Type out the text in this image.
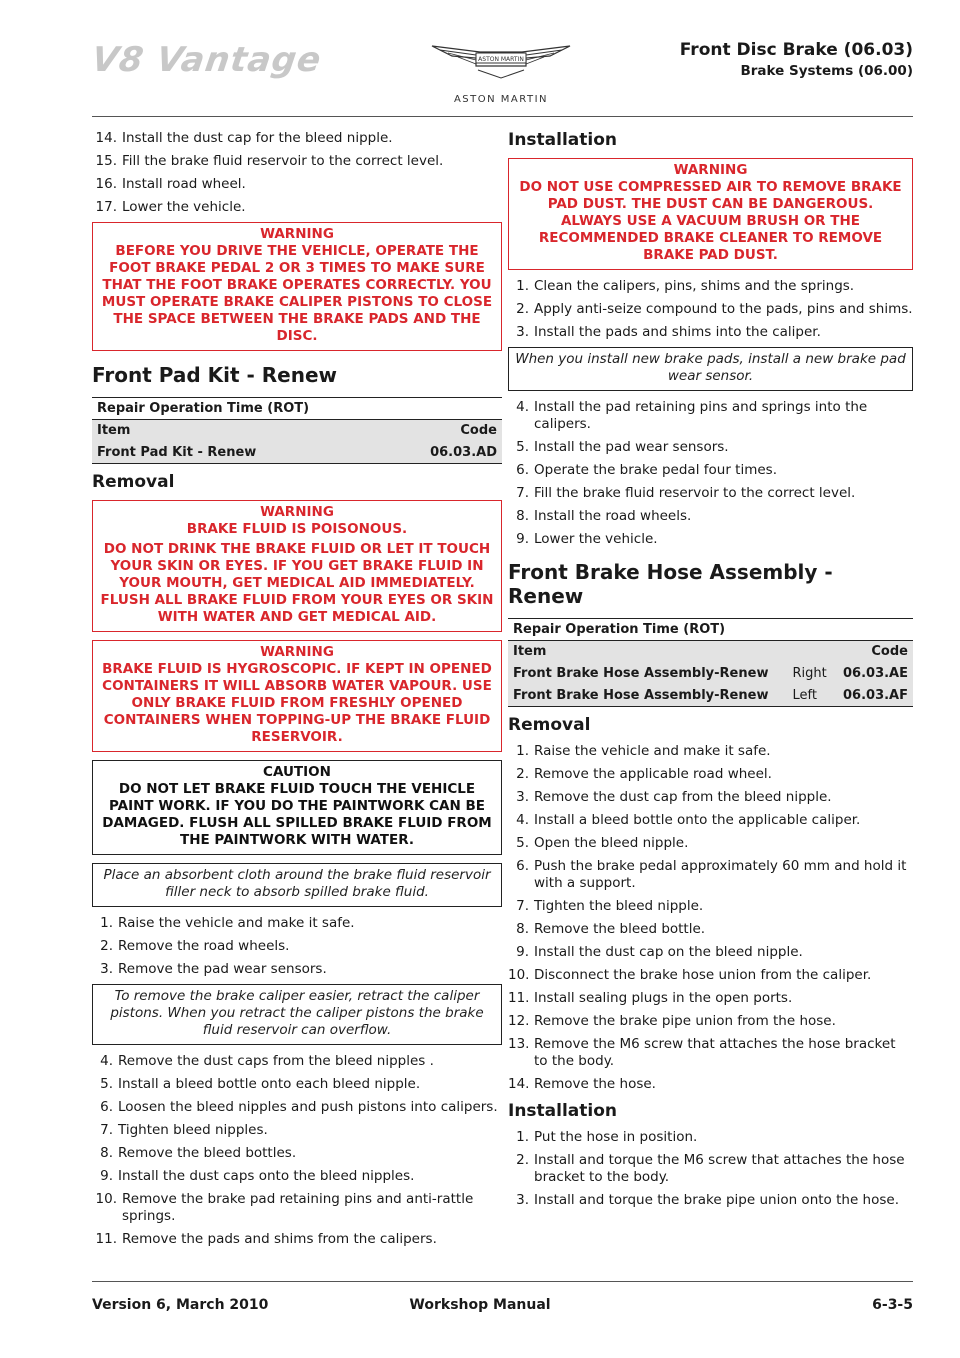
V8 Vantage	ASTON MARTIN
ASTON MARTIN
Front Disc Brake (06.03)
Brake Systems (06.00)
14. Install the dust cap for the bleed nipple.
15. Fill the brake fluid reservoir to the correct level.
16. Install road wheel.
17. Lower the vehicle.
WARNING

BEFORE YOU DRIVE THE VEHICLE, OPERATE THE FOOT BRAKE PEDAL 2 OR 3 TIMES TO MAKE SURE THAT THE FOOT BRAKE OPERATES CORRECTLY. YOU MUST OPERATE BRAKE CALIPER PISTONS TO CLOSE THE SPACE BETWEEN THE BRAKE PADS AND THE DISC.

Front Pad Kit - Renew
Repair Operation Time (ROT)	
Item	Code
Front Pad Kit - Renew	06.03.AD
Removal
WARNING

BRAKE FLUID IS POISONOUS.

DO NOT DRINK THE BRAKE FLUID OR LET IT TOUCH YOUR SKIN OR EYES. IF YOU GET BRAKE FLUID IN YOUR MOUTH, GET MEDICAL AID IMMEDIATELY. FLUSH ALL BRAKE FLUID FROM YOUR EYES OR SKIN WITH WATER AND GET MEDICAL AID.

WARNING

BRAKE FLUID IS HYGROSCOPIC. IF KEPT IN OPENED CONTAINERS IT WILL ABSORB WATER VAPOUR. USE ONLY BRAKE FLUID FROM FRESHLY OPENED CONTAINERS WHEN TOPPING-UP THE BRAKE FLUID RESERVOIR.

CAUTION

DO NOT LET BRAKE FLUID TOUCH THE VEHICLE PAINT WORK. IF YOU DO THE PAINTWORK CAN BE DAMAGED. FLUSH ALL SPILLED BRAKE FLUID FROM THE PAINTWORK WITH WATER.

Place an absorbent cloth around the brake fluid reservoir filler neck to absorb spilled brake fluid.
1. Raise the vehicle and make it safe.
2. Remove the road wheels.
3. Remove the pad wear sensors.
To remove the brake caliper easier, retract the caliper pistons. When you retract the caliper pistons the brake fluid reservoir can overflow.
4. Remove the dust caps from the bleed nipples .
5. Install a bleed bottle onto each bleed nipple.
6. Loosen the bleed nipples and push pistons into calipers.
7. Tighten bleed nipples.
8. Remove the bleed bottles.
9. Install the dust caps onto the bleed nipples.
10. Remove the brake pad retaining pins and anti-rattle springs.
11. Remove the pads and shims from the calipers.
Installation
WARNING

DO NOT USE COMPRESSED AIR TO REMOVE BRAKE PAD DUST. THE DUST CAN BE DANGEROUS. ALWAYS USE A VACUUM BRUSH OR THE RECOMMENDED BRAKE CLEANER TO REMOVE BRAKE PAD DUST.

1. Clean the calipers, pins, shims and the springs.
2. Apply anti-seize compound to the pads, pins and shims.
3. Install the pads and shims into the caliper.
When you install new brake pads, install a new brake pad wear sensor.
4. Install the pad retaining pins and springs into the calipers.
5. Install the pad wear sensors.
6. Operate the brake pedal four times.
7. Fill the brake fluid reservoir to the correct level.
8. Install the road wheels.
9. Lower the vehicle.
Front Brake Hose Assembly - Renew
Repair Operation Time (ROT)		
Item		Code
Front Brake Hose Assembly-Renew	Right	06.03.AE
Front Brake Hose Assembly-Renew	Left	06.03.AF
Removal
1. Raise the vehicle and make it safe.
2. Remove the applicable road wheel.
3. Remove the dust cap from the bleed nipple.
4. Install a bleed bottle onto the applicable caliper.
5. Open the bleed nipple.
6. Push the brake pedal approximately 60 mm and hold it with a support.
7. Tighten the bleed nipple.
8. Remove the bleed bottle.
9. Install the dust cap on the bleed nipple.
10. Disconnect the brake hose union from the caliper.
11. Install sealing plugs in the open ports.
12. Remove the brake pipe union from the hose.
13. Remove the M6 screw that attaches the hose bracket to the body.
14. Remove the hose.
Installation
1. Put the hose in position.
2. Install and torque the M6 screw that attaches the hose bracket to the body.
3. Install and torque the brake pipe union onto the hose.
Version 6, March 2010	Workshop Manual	6-3-5
